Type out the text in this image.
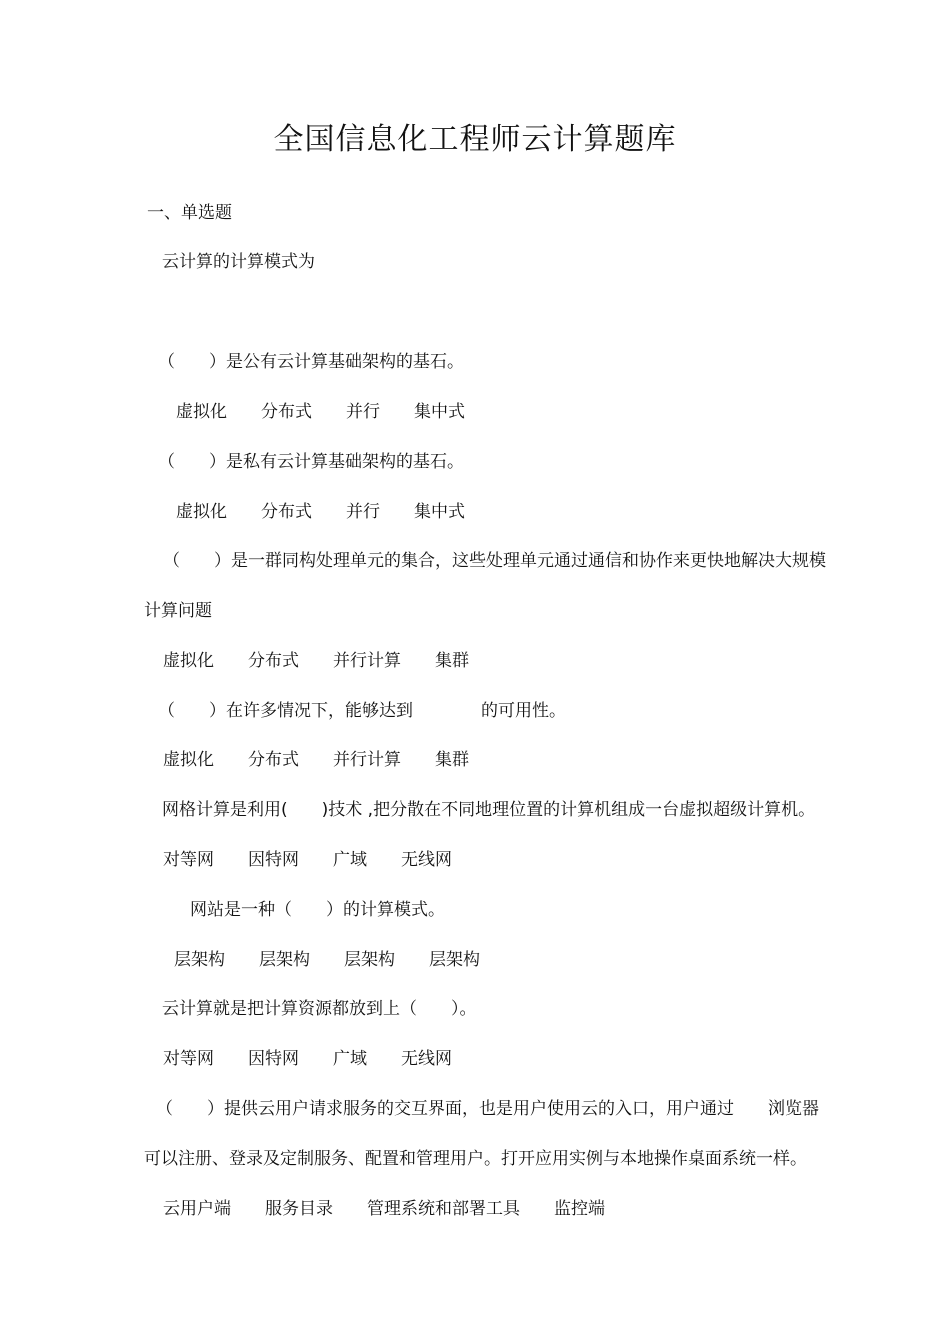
全国信息化工程师云计算题库
一、单选题
云计算的计算模式为
（　　）是公有云计算基础架构的基石。
虚拟化　　分布式　　并行　　集中式
（　　）是私有云计算基础架构的基石。
虚拟化　　分布式　　并行　　集中式
（　　）是一群同构处理单元的集合，这些处理单元通过通信和协作来更快地解决大规模
计算问题
虚拟化　　分布式　　并行计算　　集群
（　　）在许多情况下，能够达到　　　　的可用性。
虚拟化　　分布式　　并行计算　　集群
网格计算是利用(　　)技术 ,把分散在不同地理位置的计算机组成一台虚拟超级计算机。
对等网　　因特网　　广域　　无线网
网站是一种（　　）的计算模式。
层架构　　层架构　　层架构　　层架构
云计算就是把计算资源都放到上（　　）。
对等网　　因特网　　广域　　无线网
（　　）提供云用户请求服务的交互界面，也是用户使用云的入口，用户通过　　浏览器
可以注册、登录及定制服务、配置和管理用户。打开应用实例与本地操作桌面系统一样。
云用户端　　服务目录　　管理系统和部署工具　　监控端
